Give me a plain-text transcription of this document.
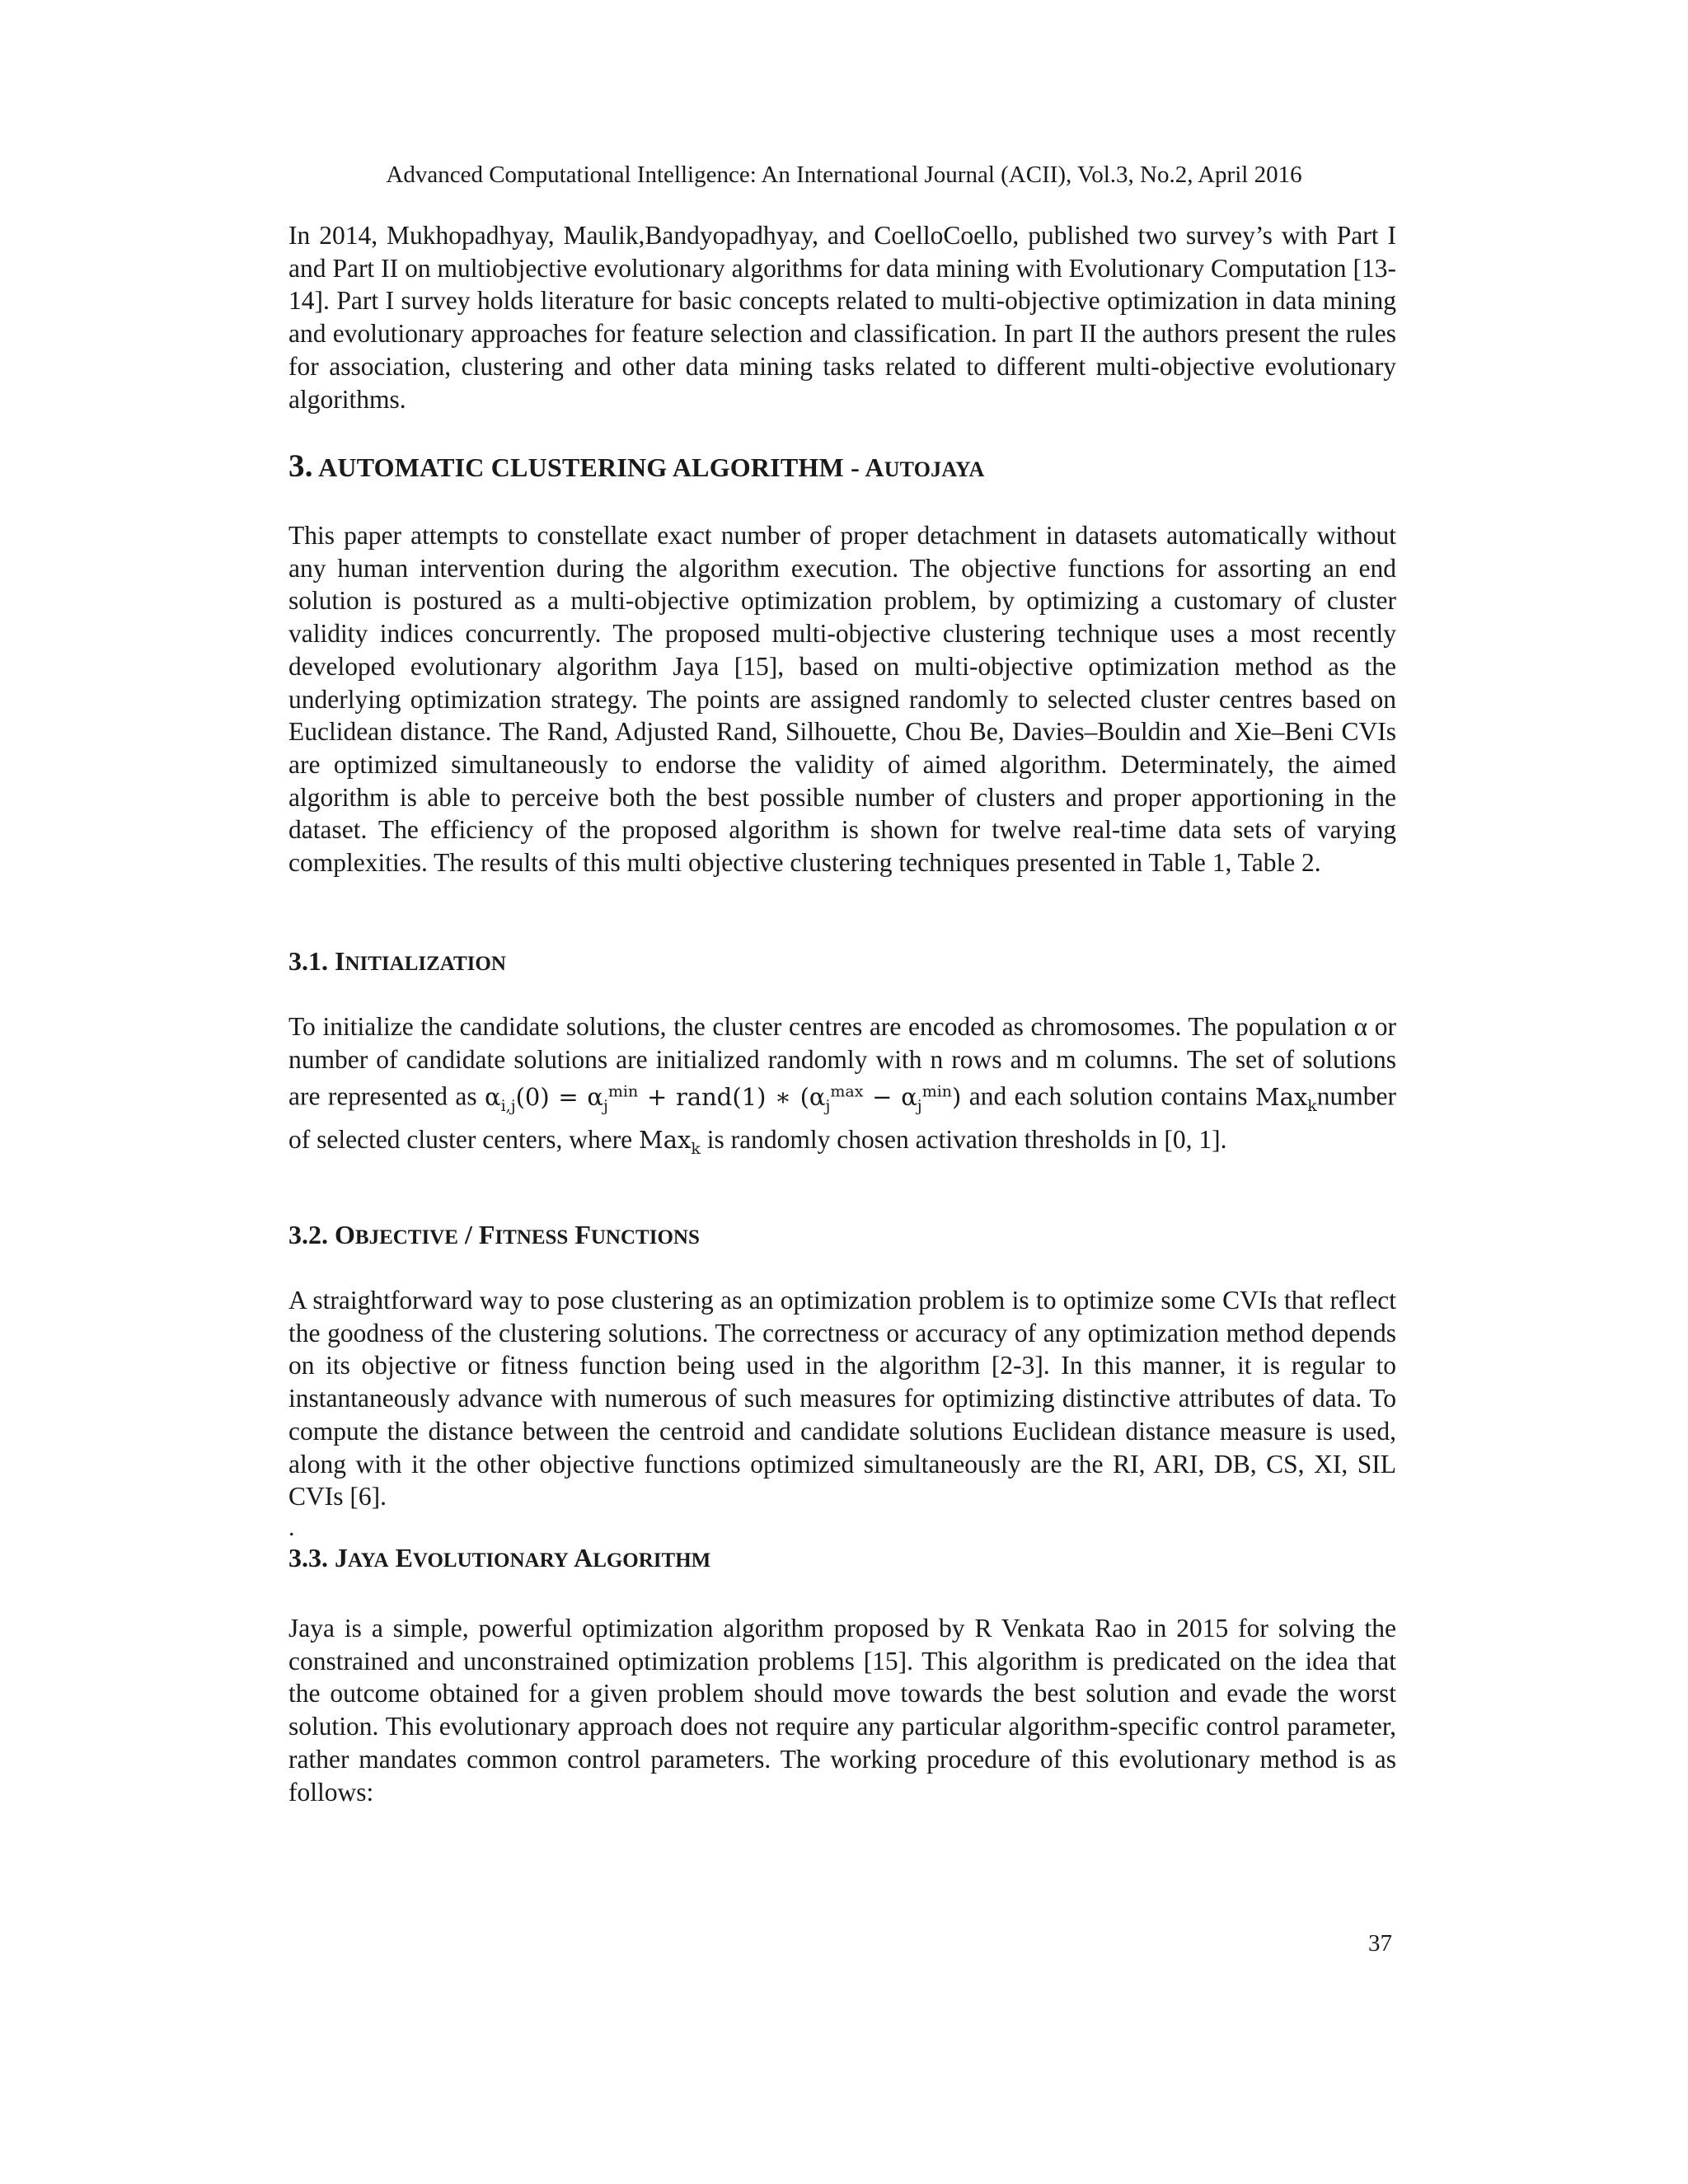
Advanced Computational Intelligence: An International Journal (ACII), Vol.3, No.2, April 2016

In 2014, Mukhopadhyay, Maulik,Bandyopadhyay, and CoelloCoello, published two survey’s with Part I and Part II on multiobjective evolutionary algorithms for data mining with Evolutionary Computation [13-14]. Part I survey holds literature for basic concepts related to multi-objective optimization in data mining and evolutionary approaches for feature selection and classification. In part II the authors present the rules for association, clustering and other data mining tasks related to different multi-objective evolutionary algorithms.

3. AUTOMATIC CLUSTERING ALGORITHM - AUTOJAYA

This paper attempts to constellate exact number of proper detachment in datasets automatically without any human intervention during the algorithm execution. The objective functions for assorting an end solution is postured as a multi-objective optimization problem, by optimizing a customary of cluster validity indices concurrently. The proposed multi-objective clustering technique uses a most recently developed evolutionary algorithm Jaya [15], based on multi-objective optimization method as the underlying optimization strategy. The points are assigned randomly to selected cluster centres based on Euclidean distance. The Rand, Adjusted Rand, Silhouette, Chou Be, Davies–Bouldin and Xie–Beni CVIs are optimized simultaneously to endorse the validity of aimed algorithm. Determinately, the aimed algorithm is able to perceive both the best possible number of clusters and proper apportioning in the dataset. The efficiency of the proposed algorithm is shown for twelve real-time data sets of varying complexities. The results of this multi objective clustering techniques presented in Table 1, Table 2.

3.1. INITIALIZATION

To initialize the candidate solutions, the cluster centres are encoded as chromosomes. The population α or number of candidate solutions are initialized randomly with n rows and m columns. The set of solutions are represented as $\alpha_{i,j}(0) = \alpha_j^{min}$ + rand(1) ∗ $(\alpha_j^{max} - \alpha_j^{min})$ and each solution contains Max$_k$number of selected cluster centers, where Max$_k$ is randomly chosen activation thresholds in [0, 1].

3.2. OBJECTIVE / FITNESS FUNCTIONS

A straightforward way to pose clustering as an optimization problem is to optimize some CVIs that reflect the goodness of the clustering solutions. The correctness or accuracy of any optimization method depends on its objective or fitness function being used in the algorithm [2-3]. In this manner, it is regular to instantaneously advance with numerous of such measures for optimizing distinctive attributes of data. To compute the distance between the centroid and candidate solutions Euclidean distance measure is used, along with it the other objective functions optimized simultaneously are the RI, ARI, DB, CS, XI, SIL CVIs [6].

.
3.3. JAYA EVOLUTIONARY ALGORITHM

Jaya is a simple, powerful optimization algorithm proposed by R Venkata Rao in 2015 for solving the constrained and unconstrained optimization problems [15]. This algorithm is predicated on the idea that the outcome obtained for a given problem should move towards the best solution and evade the worst solution. This evolutionary approach does not require any particular algorithm-specific control parameter, rather mandates common control parameters. The working procedure of this evolutionary method is as follows:

37
